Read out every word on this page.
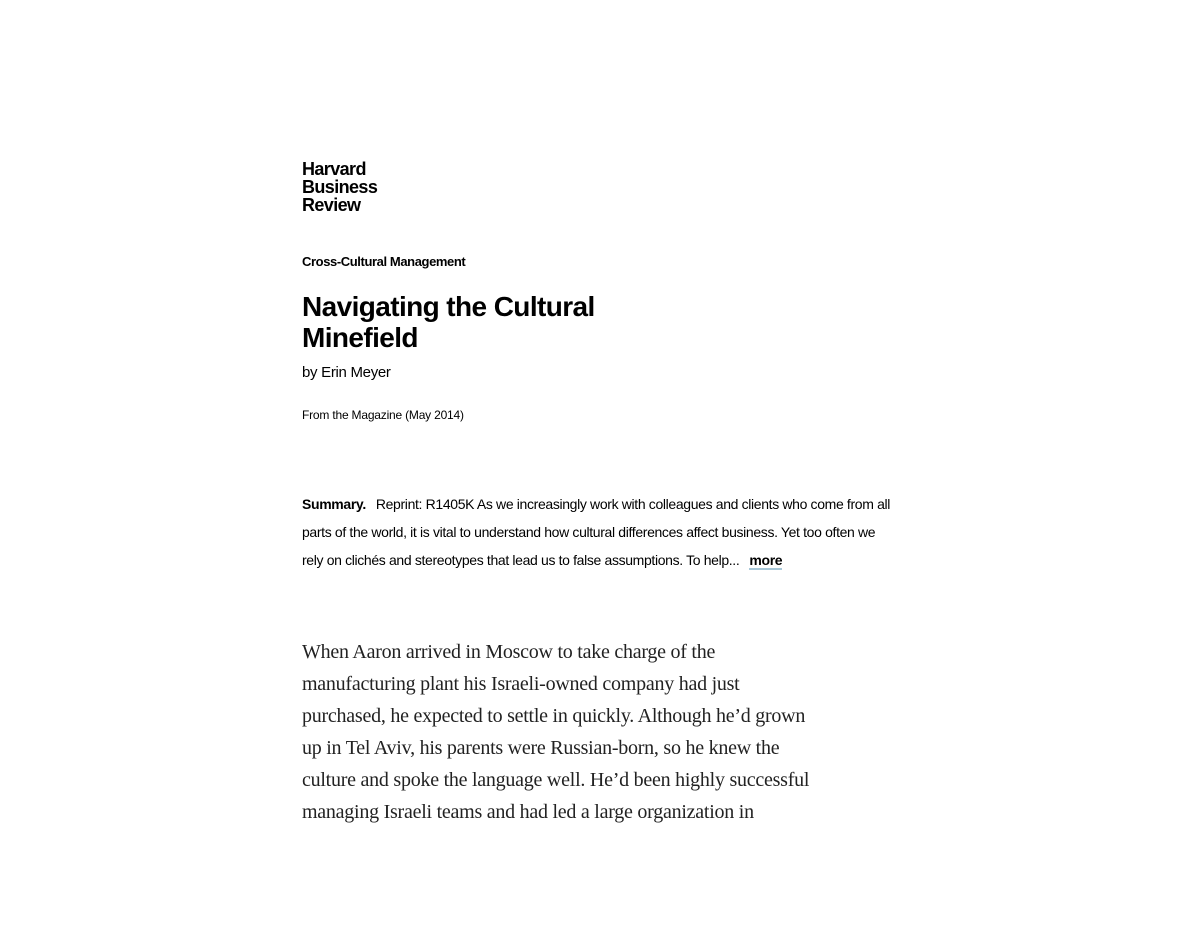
Harvard
Business
Review
Cross-Cultural Management
Navigating the Cultural
Minefield
by Erin Meyer
From the Magazine (May 2014)
Summary. Reprint: R1405K As we increasingly work with colleagues and clients who come from all parts of the world, it is vital to understand how cultural differences affect business. Yet too often we rely on clichés and stereotypes that lead us to false assumptions. To help... more
When Aaron arrived in Moscow to take charge of the
manufacturing plant his Israeli-owned company had just
purchased, he expected to settle in quickly. Although he’d grown
up in Tel Aviv, his parents were Russian-born, so he knew the
culture and spoke the language well. He’d been highly successful
managing Israeli teams and had led a large organization in
